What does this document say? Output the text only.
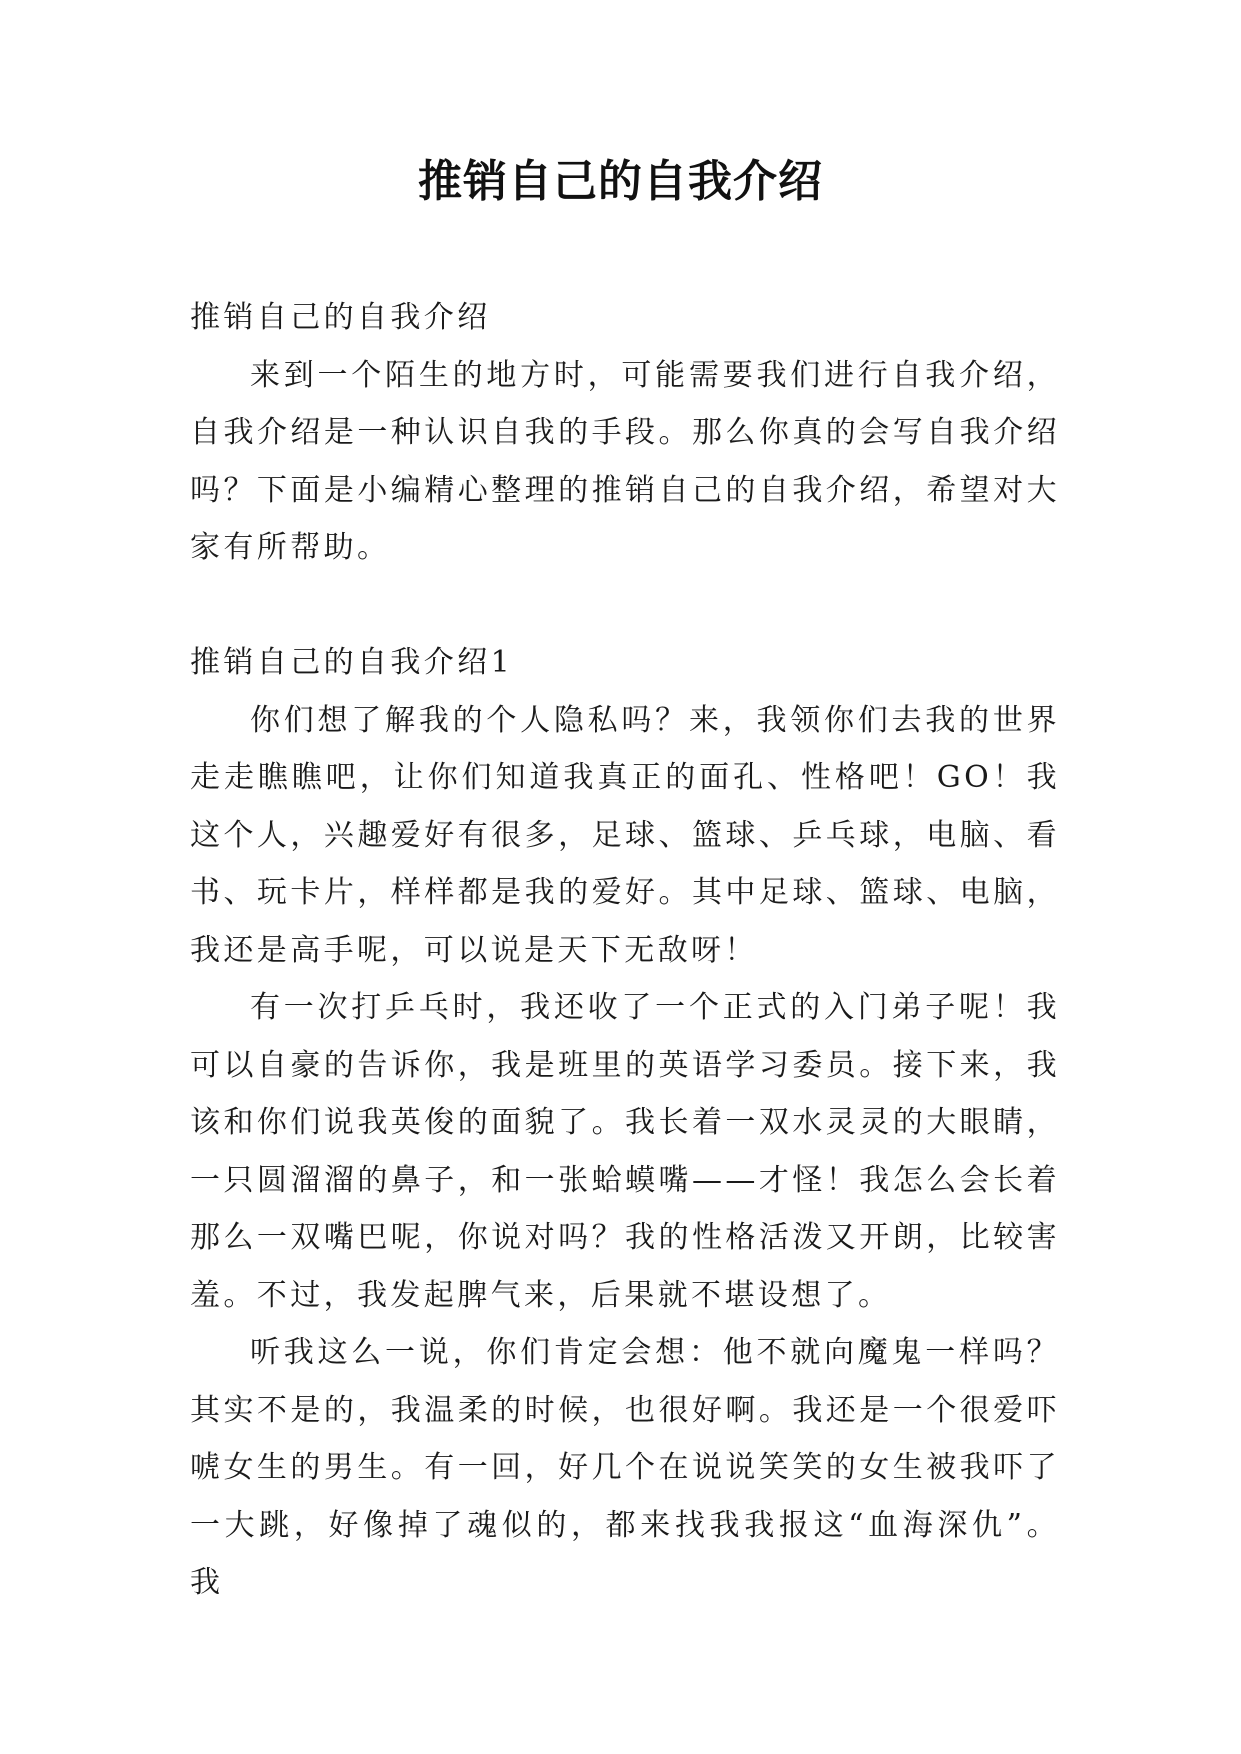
推销自己的自我介绍

推销自己的自我介绍

来到一个陌生的地方时，可能需要我们进行自我介绍，自我介绍是一种认识自我的手段。那么你真的会写自我介绍吗？下面是小编精心整理的推销自己的自我介绍，希望对大家有所帮助。

推销自己的自我介绍1

你们想了解我的个人隐私吗？来，我领你们去我的世界走走瞧瞧吧，让你们知道我真正的面孔、性格吧！GO！我这个人，兴趣爱好有很多，足球、篮球、乒乓球，电脑、看书、玩卡片，样样都是我的爱好。其中足球、篮球、电脑，我还是高手呢，可以说是天下无敌呀！

有一次打乒乓时，我还收了一个正式的入门弟子呢！我可以自豪的告诉你，我是班里的英语学习委员。接下来，我该和你们说我英俊的面貌了。我长着一双水灵灵的大眼睛，一只圆溜溜的鼻子，和一张蛤蟆嘴——才怪！我怎么会长着那么一双嘴巴呢，你说对吗？我的性格活泼又开朗，比较害羞。不过，我发起脾气来，后果就不堪设想了。

听我这么一说，你们肯定会想：他不就向魔鬼一样吗？其实不是的，我温柔的时候，也很好啊。我还是一个很爱吓唬女生的男生。有一回，好几个在说说笑笑的女生被我吓了一大跳，好像掉了魂似的，都来找我我报这“血海深仇”。我
